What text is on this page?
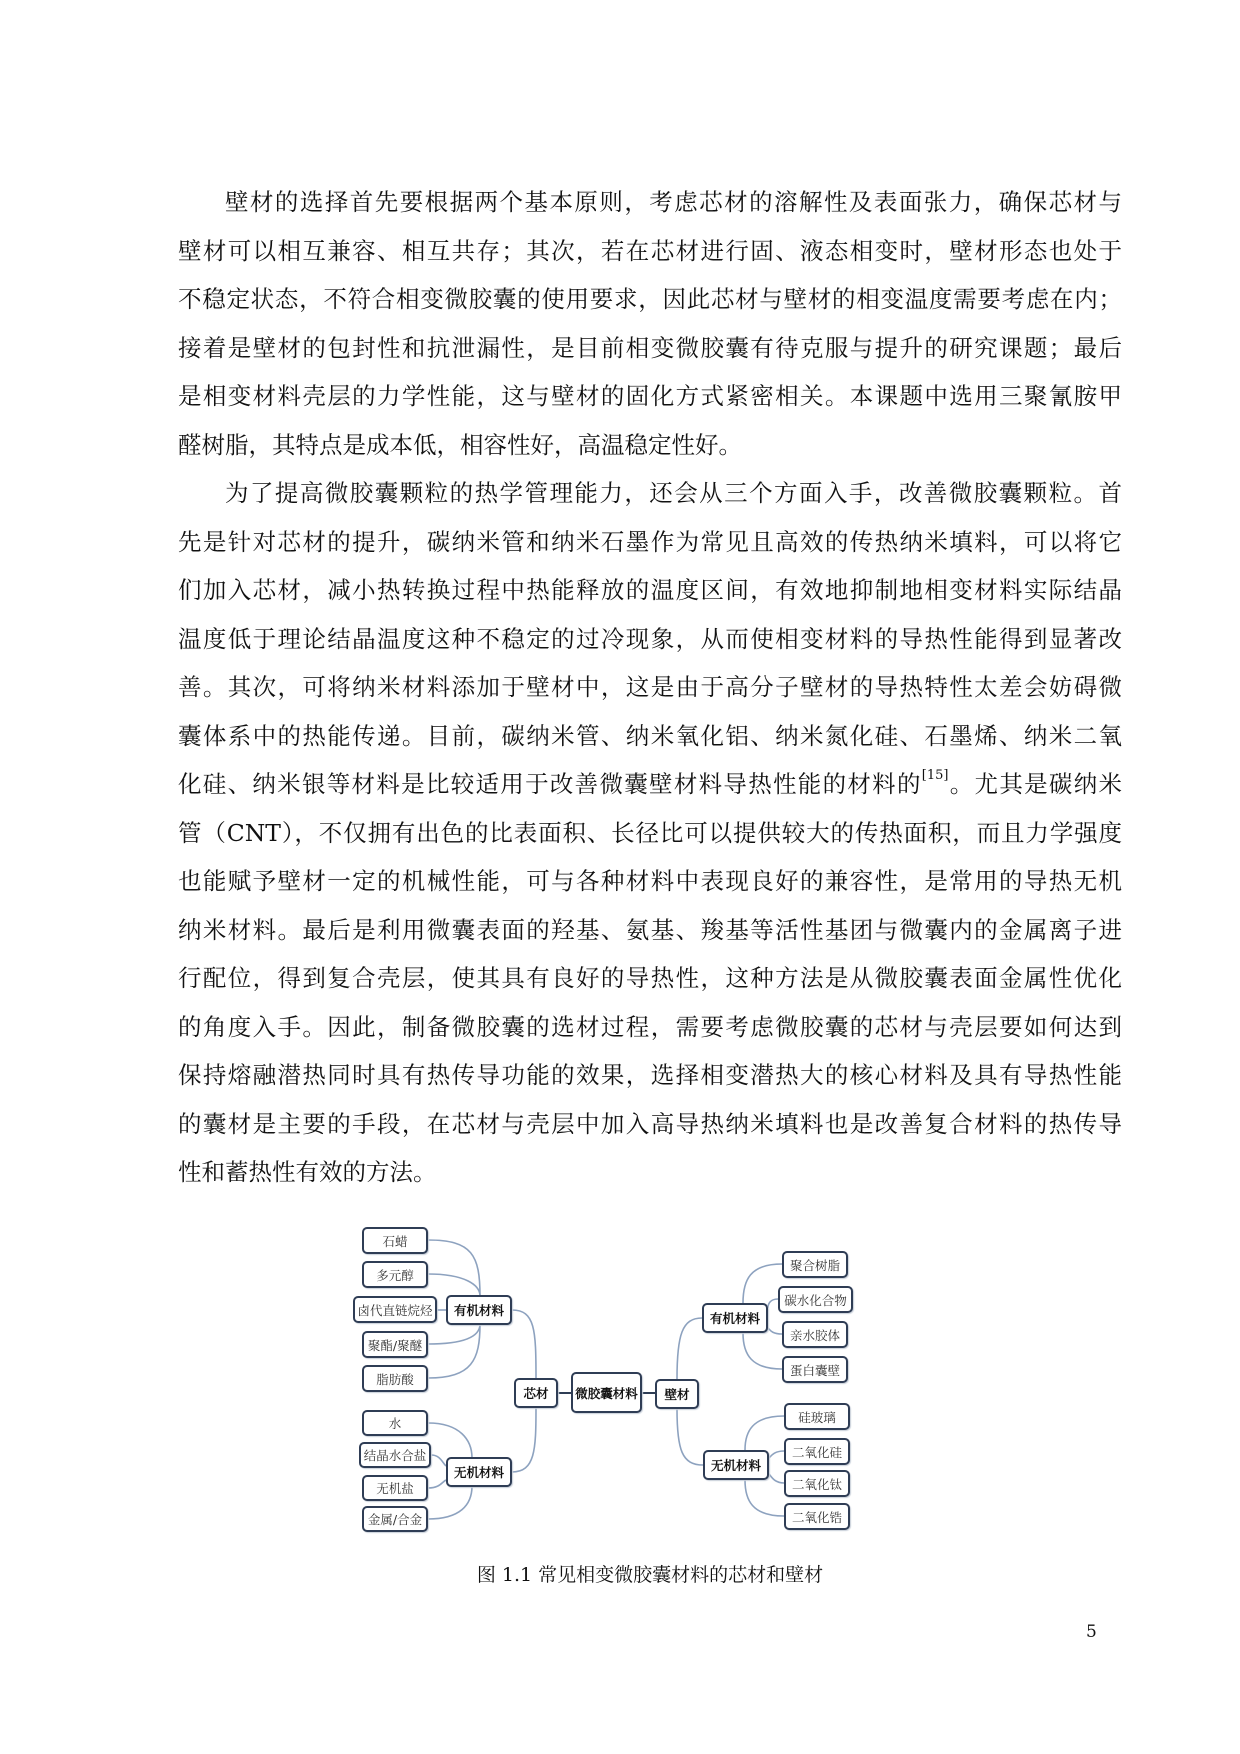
壁材的选择首先要根据两个基本原则，考虑芯材的溶解性及表面张力，确保芯材与
壁材可以相互兼容、相互共存；其次，若在芯材进行固、液态相变时，壁材形态也处于
不稳定状态，不符合相变微胶囊的使用要求，因此芯材与壁材的相变温度需要考虑在内；
接着是壁材的包封性和抗泄漏性，是目前相变微胶囊有待克服与提升的研究课题；最后
是相变材料壳层的力学性能，这与壁材的固化方式紧密相关。本课题中选用三聚氰胺甲
醛树脂，其特点是成本低，相容性好，高温稳定性好。
为了提高微胶囊颗粒的热学管理能力，还会从三个方面入手，改善微胶囊颗粒。首
先是针对芯材的提升，碳纳米管和纳米石墨作为常见且高效的传热纳米填料，可以将它
们加入芯材，减小热转换过程中热能释放的温度区间，有效地抑制地相变材料实际结晶
温度低于理论结晶温度这种不稳定的过冷现象，从而使相变材料的导热性能得到显著改
善。其次，可将纳米材料添加于壁材中，这是由于高分子壁材的导热特性太差会妨碍微
囊体系中的热能传递。目前，碳纳米管、纳米氧化铝、纳米氮化硅、石墨烯、纳米二氧
化硅、纳米银等材料是比较适用于改善微囊壁材料导热性能的材料的[15]。尤其是碳纳米
管（CNT），不仅拥有出色的比表面积、长径比可以提供较大的传热面积，而且力学强度
也能赋予壁材一定的机械性能，可与各种材料中表现良好的兼容性，是常用的导热无机
纳米材料。最后是利用微囊表面的羟基、氨基、羧基等活性基团与微囊内的金属离子进
行配位，得到复合壳层，使其具有良好的导热性，这种方法是从微胶囊表面金属性优化
的角度入手。因此，制备微胶囊的选材过程，需要考虑微胶囊的芯材与壳层要如何达到
保持熔融潜热同时具有热传导功能的效果，选择相变潜热大的核心材料及具有导热性能
的囊材是主要的手段，在芯材与壳层中加入高导热纳米填料也是改善复合材料的热传导
性和蓄热性有效的方法。
石蜡
多元醇
卤代直链烷烃
聚酯/聚醚
脂肪酸
有机材料
水
结晶水合盐
无机盐
金属/合金
无机材料
芯材	微胶囊材料	壁材
有机材料
聚合树脂
碳水化合物
亲水胶体
蛋白囊壁
无机材料
硅玻璃
二氧化硅
二氧化钛
二氧化锆
图 1.1 常见相变微胶囊材料的芯材和壁材
5
